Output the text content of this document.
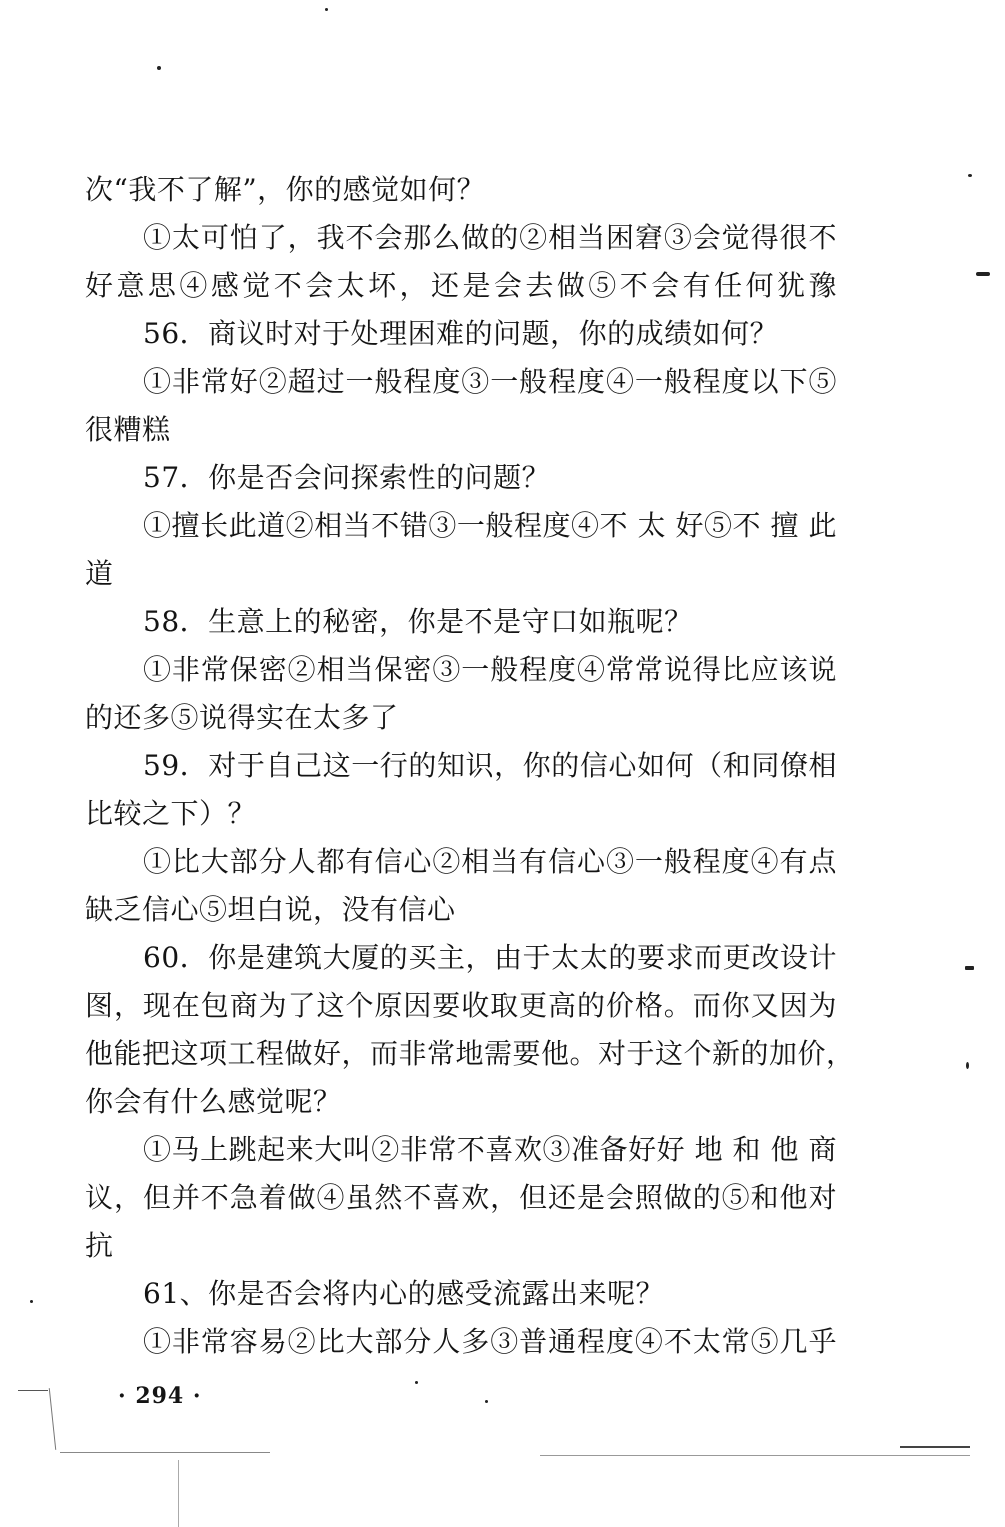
次“我不了解”，你的感觉如何？
①太可怕了，我不会那么做的②相当困窘③会觉得很不
好意思④感觉不会太坏，还是会去做⑤不会有任何犹豫
56．商议时对于处理困难的问题，你的成绩如何？
①非常好②超过一般程度③一般程度④一般程度以下⑤
很糟糕
57．你是否会问探索性的问题？
①擅长此道②相当不错③一般程度④不 太 好⑤不 擅 此
道
58．生意上的秘密，你是不是守口如瓶呢？
①非常保密②相当保密③一般程度④常常说得比应该说
的还多⑤说得实在太多了
59．对于自己这一行的知识，你的信心如何（和同僚相
比较之下）？
①比大部分人都有信心②相当有信心③一般程度④有点
缺乏信心⑤坦白说，没有信心
60．你是建筑大厦的买主，由于太太的要求而更改设计
图，现在包商为了这个原因要收取更高的价格。而你又因为
他能把这项工程做好，而非常地需要他。对于这个新的加价，
你会有什么感觉呢？
①马上跳起来大叫②非常不喜欢③准备好好 地 和 他 商
议，但并不急着做④虽然不喜欢，但还是会照做的⑤和他对
抗
61、你是否会将内心的感受流露出来呢？
①非常容易②比大部分人多③普通程度④不太常⑤几乎
· 294 ·
